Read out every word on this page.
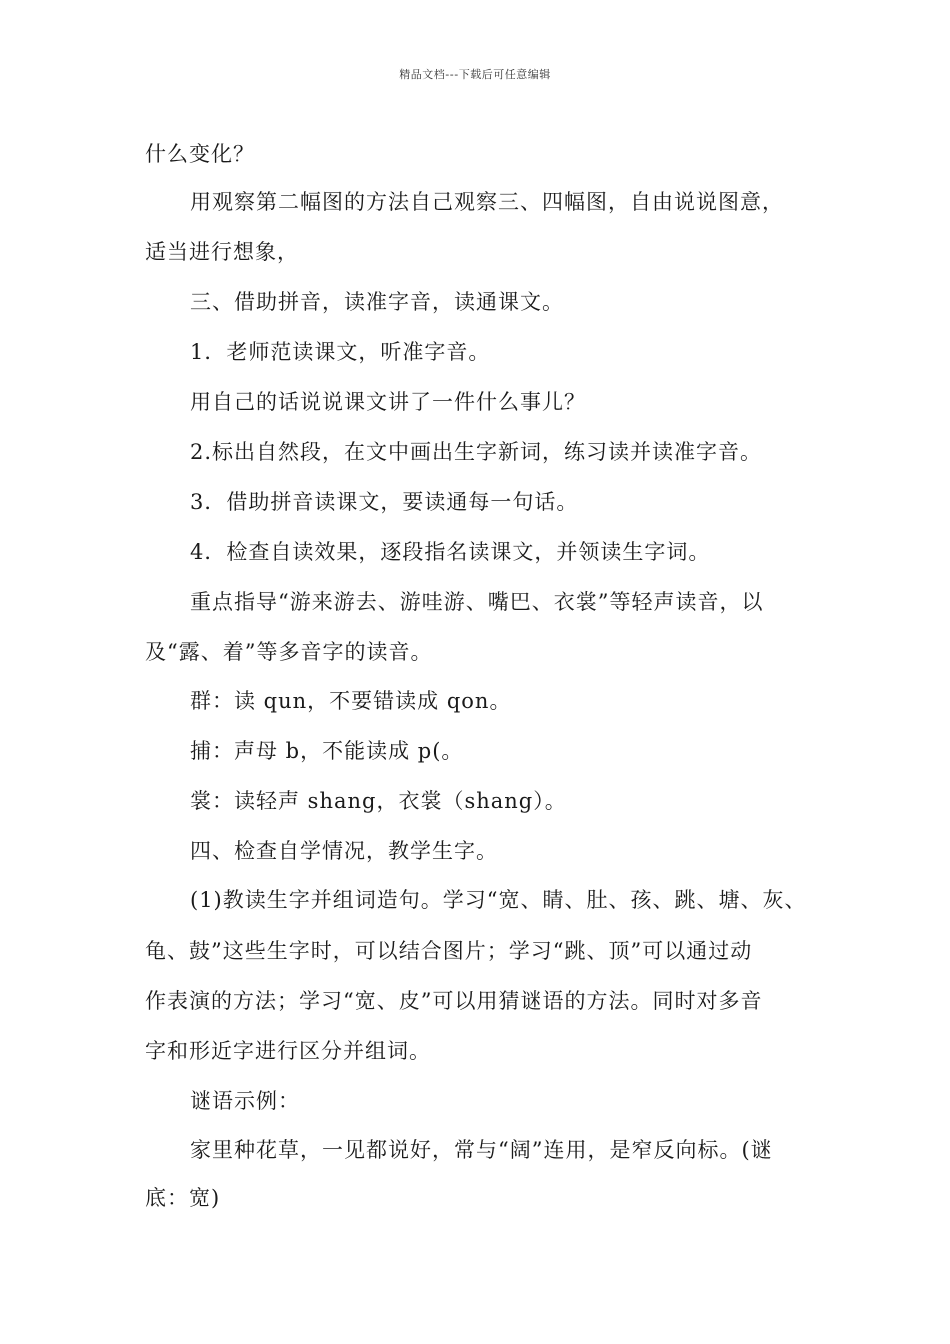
精品文档---下载后可任意编辑
什么变化？
用观察第二幅图的方法自己观察三、四幅图，自由说说图意，
适当进行想象，
三、借助拼音，读准字音，读通课文。
1．老师范读课文，听准字音。
用自己的话说说课文讲了一件什么事儿？
2.标出自然段，在文中画出生字新词，练习读并读准字音。
3．借助拼音读课文，要读通每一句话。
4．检查自读效果，逐段指名读课文，并领读生字词。
重点指导“游来游去、游哇游、嘴巴、衣裳”等轻声读音，以
及“露、着”等多音字的读音。
群：读 qun，不要错读成 qon。
捕：声母 b，不能读成 p(。
裳：读轻声 shang，衣裳（shang）。
四、检查自学情况，教学生字。
(1)教读生字并组词造句。学习“宽、睛、肚、孩、跳、塘、灰、
龟、鼓”这些生字时，可以结合图片；学习“跳、顶”可以通过动
作表演的方法；学习“宽、皮”可以用猜谜语的方法。同时对多音
字和形近字进行区分并组词。
谜语示例：
家里种花草，一见都说好，常与“阔”连用，是窄反向标。(谜
底：宽)
